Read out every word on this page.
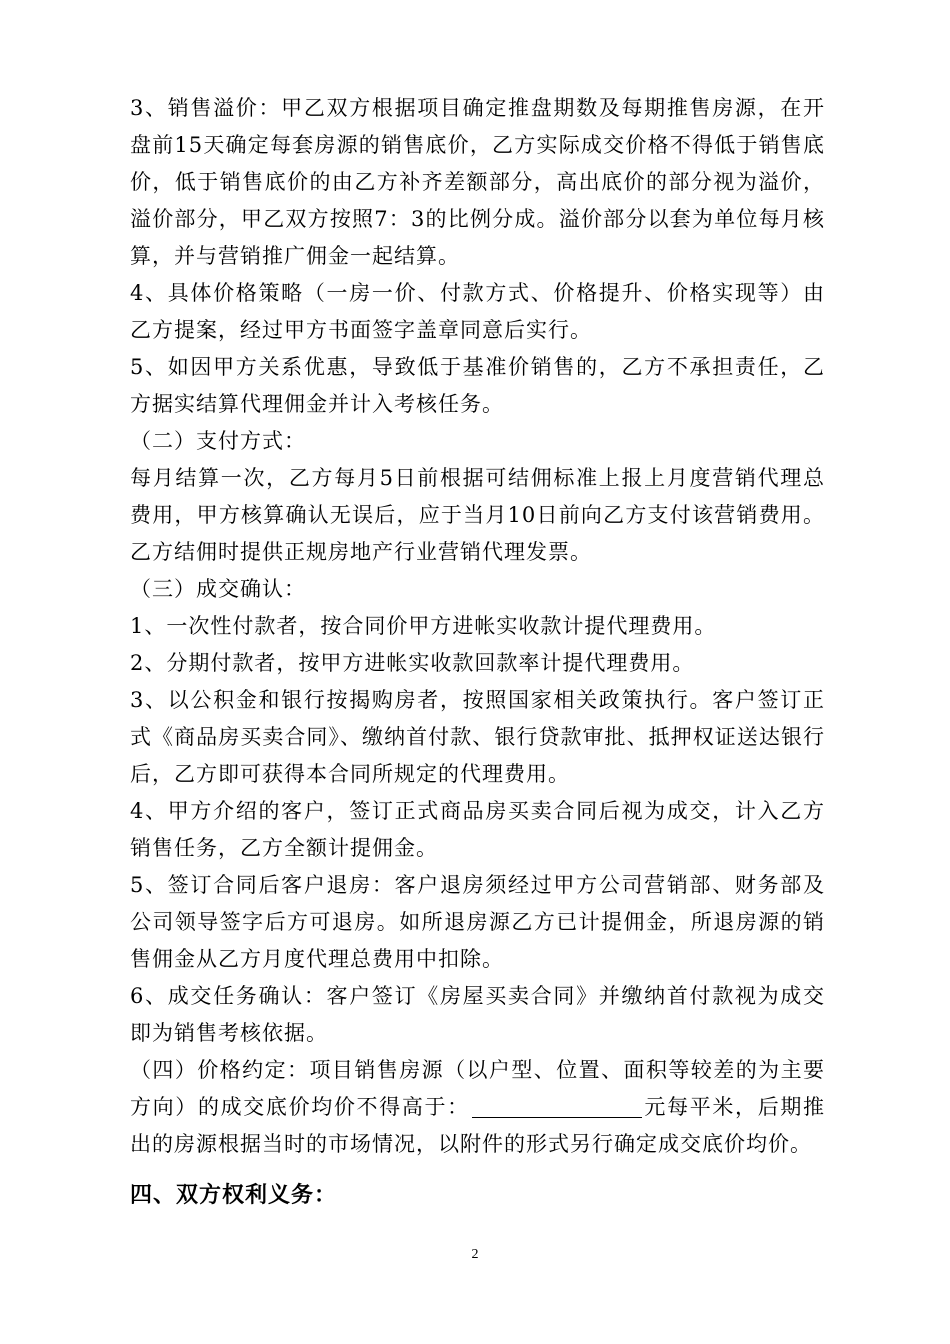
3、销售溢价：甲乙双方根据项目确定推盘期数及每期推售房源，在开盘前15天确定每套房源的销售底价，乙方实际成交价格不得低于销售底价，低于销售底价的由乙方补齐差额部分，高出底价的部分视为溢价，溢价部分，甲乙双方按照7：3的比例分成。溢价部分以套为单位每月核算，并与营销推广佣金一起结算。

4、具体价格策略（一房一价、付款方式、价格提升、价格实现等）由乙方提案，经过甲方书面签字盖章同意后实行。

5、如因甲方关系优惠，导致低于基准价销售的，乙方不承担责任，乙方据实结算代理佣金并计入考核任务。

（二）支付方式：

每月结算一次，乙方每月5日前根据可结佣标准上报上月度营销代理总费用，甲方核算确认无误后，应于当月10日前向乙方支付该营销费用。乙方结佣时提供正规房地产行业营销代理发票。

（三）成交确认：

1、一次性付款者，按合同价甲方进帐实收款计提代理费用。

2、分期付款者，按甲方进帐实收款回款率计提代理费用。

3、以公积金和银行按揭购房者，按照国家相关政策执行。客户签订正式《商品房买卖合同》、缴纳首付款、银行贷款审批、抵押权证送达银行后，乙方即可获得本合同所规定的代理费用。

4、甲方介绍的客户，签订正式商品房买卖合同后视为成交，计入乙方销售任务，乙方全额计提佣金。

5、签订合同后客户退房：客户退房须经过甲方公司营销部、财务部及公司领导签字后方可退房。如所退房源乙方已计提佣金，所退房源的销售佣金从乙方月度代理总费用中扣除。

6、成交任务确认：客户签订《房屋买卖合同》并缴纳首付款视为成交即为销售考核依据。

（四）价格约定：项目销售房源（以户型、位置、面积等较差的为主要方向）的成交底价均价不得高于：	元每平米，后期推出的房源根据当时的市场情况，以附件的形式另行确定成交底价均价。

四、双方权利义务：

2
